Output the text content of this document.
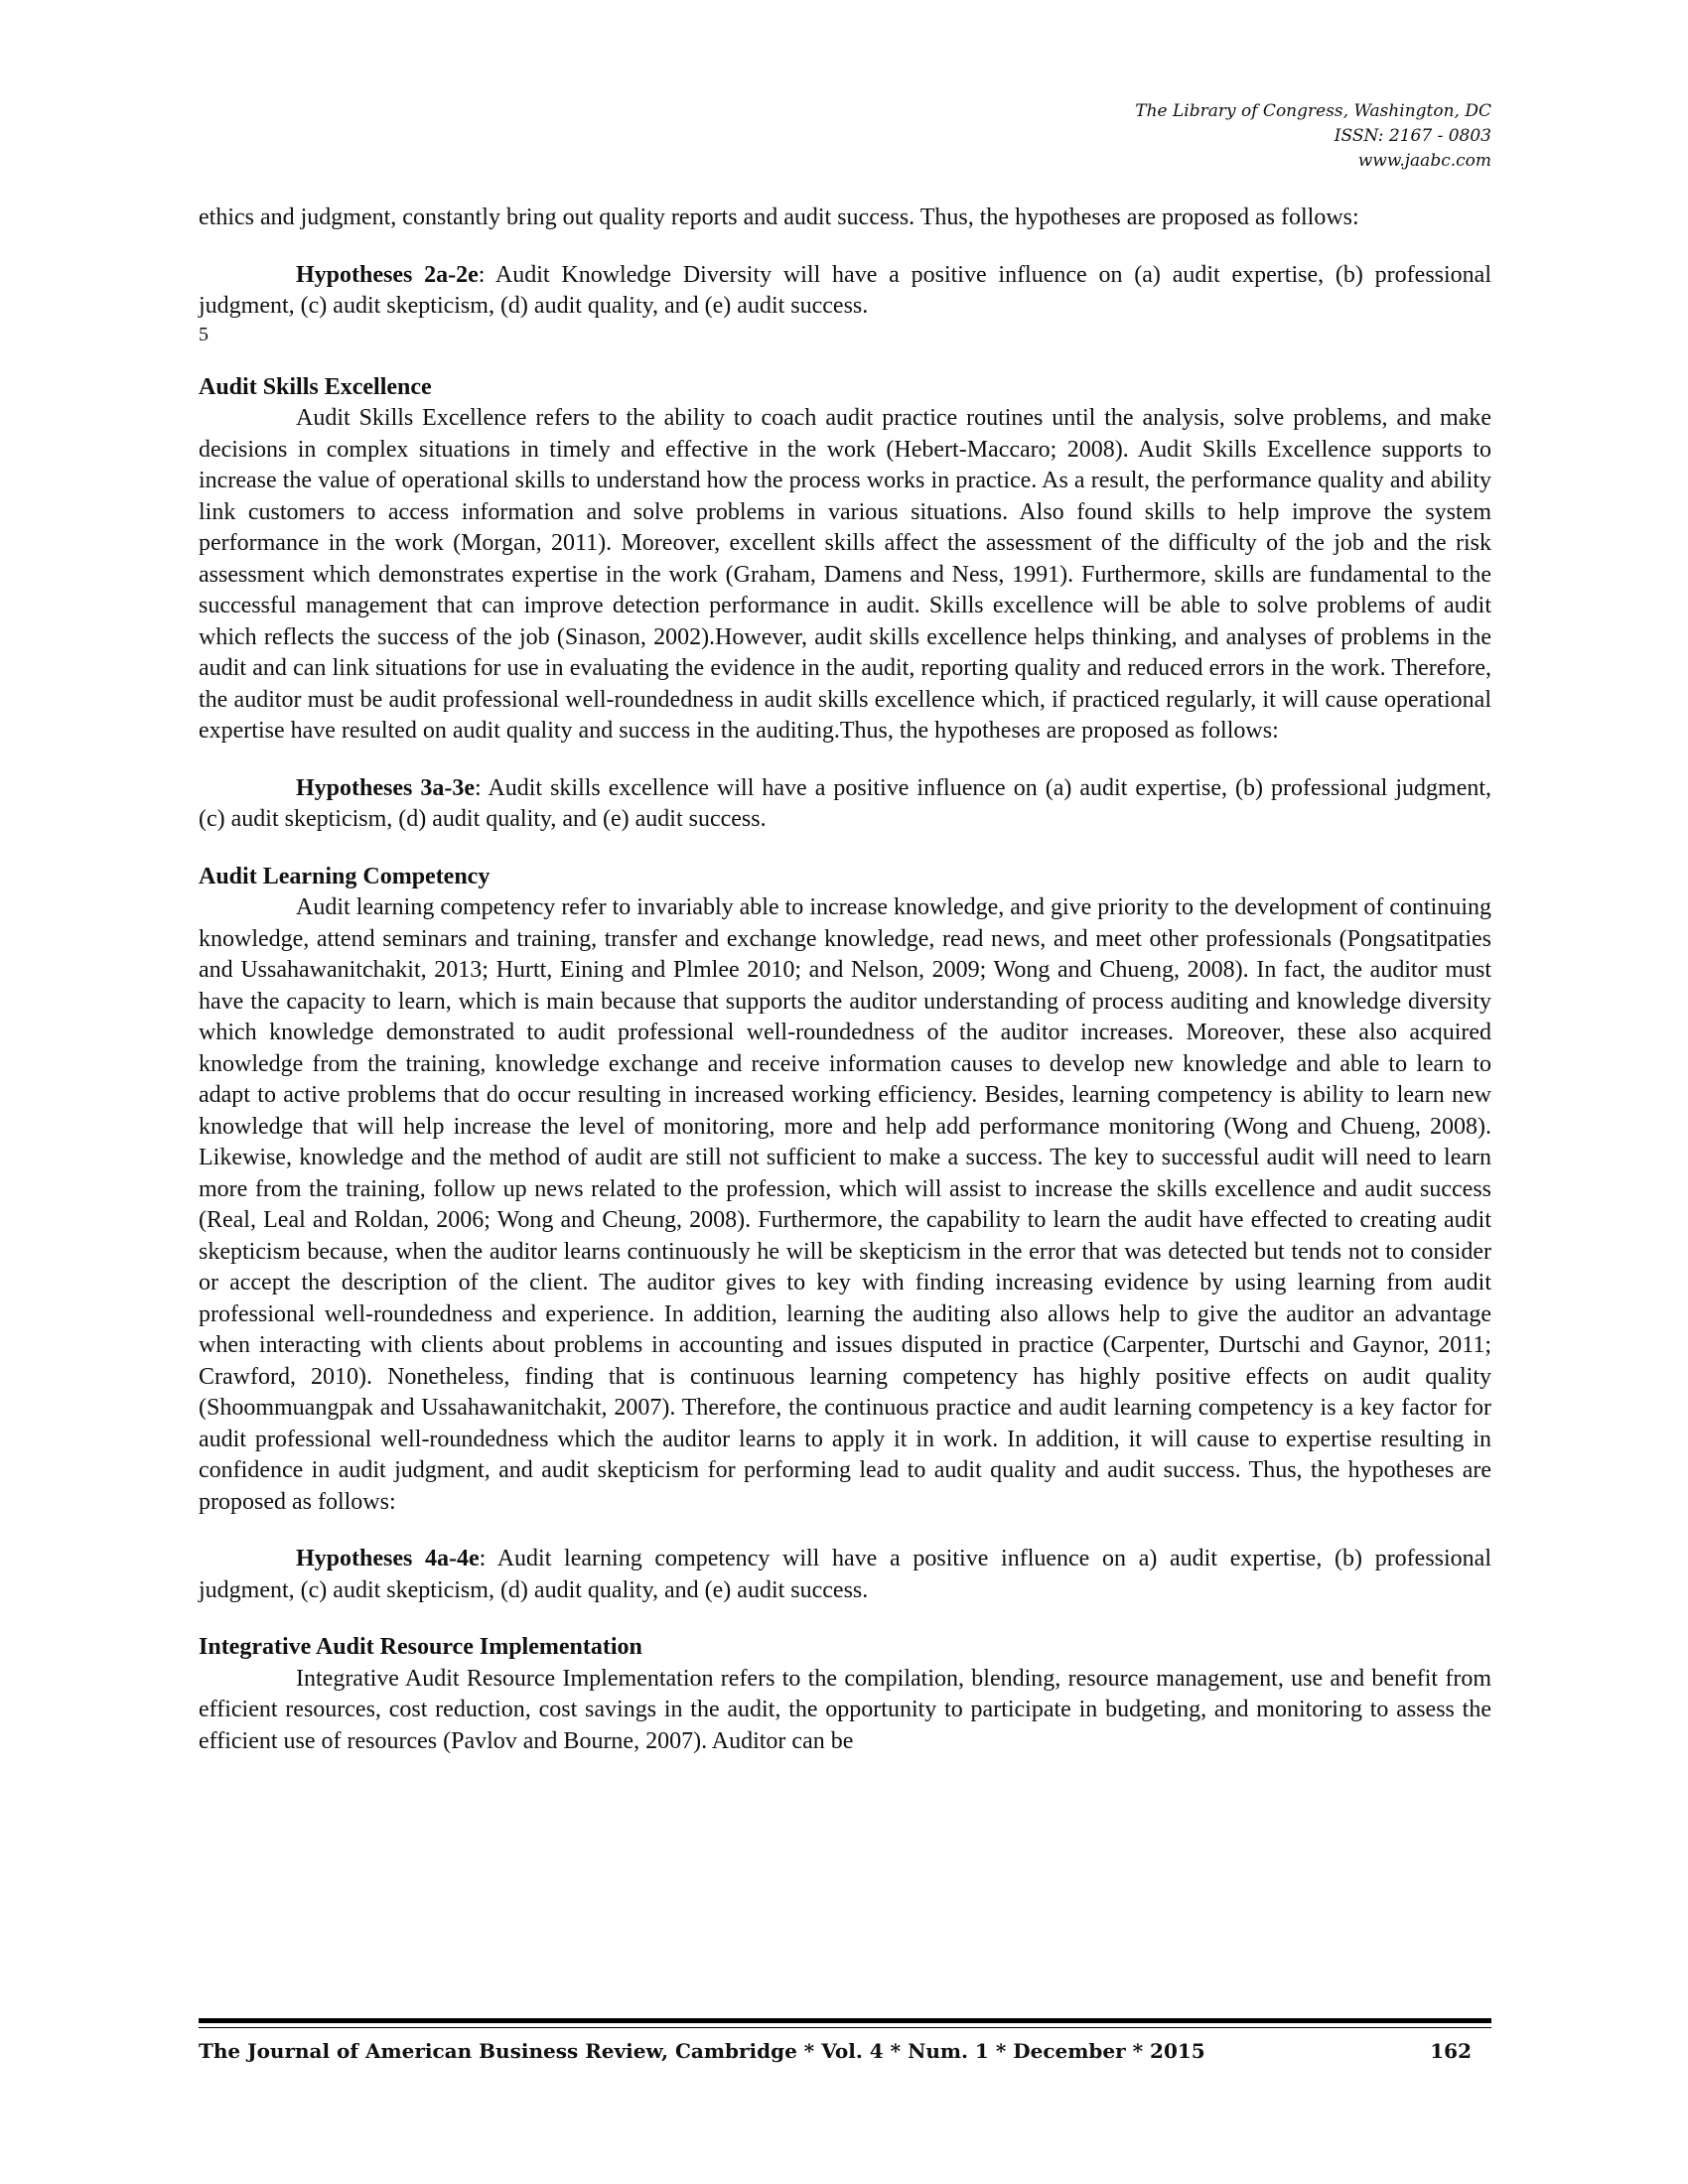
The Library of Congress, Washington, DC
ISSN: 2167 - 0803
www.jaabc.com

ethics and judgment, constantly bring out quality reports and audit success. Thus, the hypotheses are proposed as follows:

Hypotheses 2a-2e: Audit Knowledge Diversity will have a positive influence on (a) audit expertise, (b) professional judgment, (c) audit skepticism, (d) audit quality, and (e) audit success.

5

Audit Skills Excellence

Audit Skills Excellence refers to the ability to coach audit practice routines until the analysis, solve problems, and make decisions in complex situations in timely and effective in the work (Hebert-Maccaro; 2008). Audit Skills Excellence supports to increase the value of operational skills to understand how the process works in practice. As a result, the performance quality and ability link customers to access information and solve problems in various situations. Also found skills to help improve the system performance in the work (Morgan, 2011). Moreover, excellent skills affect the assessment of the difficulty of the job and the risk assessment which demonstrates expertise in the work (Graham, Damens and Ness, 1991). Furthermore, skills are fundamental to the successful management that can improve detection performance in audit. Skills excellence will be able to solve problems of audit which reflects the success of the job (Sinason, 2002).However, audit skills excellence helps thinking, and analyses of problems in the audit and can link situations for use in evaluating the evidence in the audit, reporting quality and reduced errors in the work. Therefore, the auditor must be audit professional well-roundedness in audit skills excellence which, if practiced regularly, it will cause operational expertise have resulted on audit quality and success in the auditing.Thus, the hypotheses are proposed as follows:

Hypotheses 3a-3e: Audit skills excellence will have a positive influence on (a) audit expertise, (b) professional judgment, (c) audit skepticism, (d) audit quality, and (e) audit success.

Audit Learning Competency

Audit learning competency refer to invariably able to increase knowledge, and give priority to the development of continuing knowledge, attend seminars and training, transfer and exchange knowledge, read news, and meet other professionals (Pongsatitpaties and Ussahawanitchakit, 2013; Hurtt, Eining and Plmlee 2010; and Nelson, 2009; Wong and Chueng, 2008). In fact, the auditor must have the capacity to learn, which is main because that supports the auditor understanding of process auditing and knowledge diversity which knowledge demonstrated to audit professional well-roundedness of the auditor increases. Moreover, these also acquired knowledge from the training, knowledge exchange and receive information causes to develop new knowledge and able to learn to adapt to active problems that do occur resulting in increased working efficiency. Besides, learning competency is ability to learn new knowledge that will help increase the level of monitoring, more and help add performance monitoring (Wong and Chueng, 2008). Likewise, knowledge and the method of audit are still not sufficient to make a success. The key to successful audit will need to learn more from the training, follow up news related to the profession, which will assist to increase the skills excellence and audit success (Real, Leal and Roldan, 2006; Wong and Cheung, 2008). Furthermore, the capability to learn the audit have effected to creating audit skepticism because, when the auditor learns continuously he will be skepticism in the error that was detected but tends not to consider or accept the description of the client. The auditor gives to key with finding increasing evidence by using learning from audit professional well-roundedness and experience. In addition, learning the auditing also allows help to give the auditor an advantage when interacting with clients about problems in accounting and issues disputed in practice (Carpenter, Durtschi and Gaynor, 2011; Crawford, 2010). Nonetheless, finding that is continuous learning competency has highly positive effects on audit quality (Shoommuangpak and Ussahawanitchakit, 2007). Therefore, the continuous practice and audit learning competency is a key factor for audit professional well-roundedness which the auditor learns to apply it in work. In addition, it will cause to expertise resulting in confidence in audit judgment, and audit skepticism for performing lead to audit quality and audit success. Thus, the hypotheses are proposed as follows:

Hypotheses 4a-4e: Audit learning competency will have a positive influence on a) audit expertise, (b) professional judgment, (c) audit skepticism, (d) audit quality, and (e) audit success.

Integrative Audit Resource Implementation

Integrative Audit Resource Implementation refers to the compilation, blending, resource management, use and benefit from efficient resources, cost reduction, cost savings in the audit, the opportunity to participate in budgeting, and monitoring to assess the efficient use of resources (Pavlov and Bourne, 2007). Auditor can be

The Journal of American Business Review, Cambridge * Vol. 4 * Num. 1 * December * 2015	162
